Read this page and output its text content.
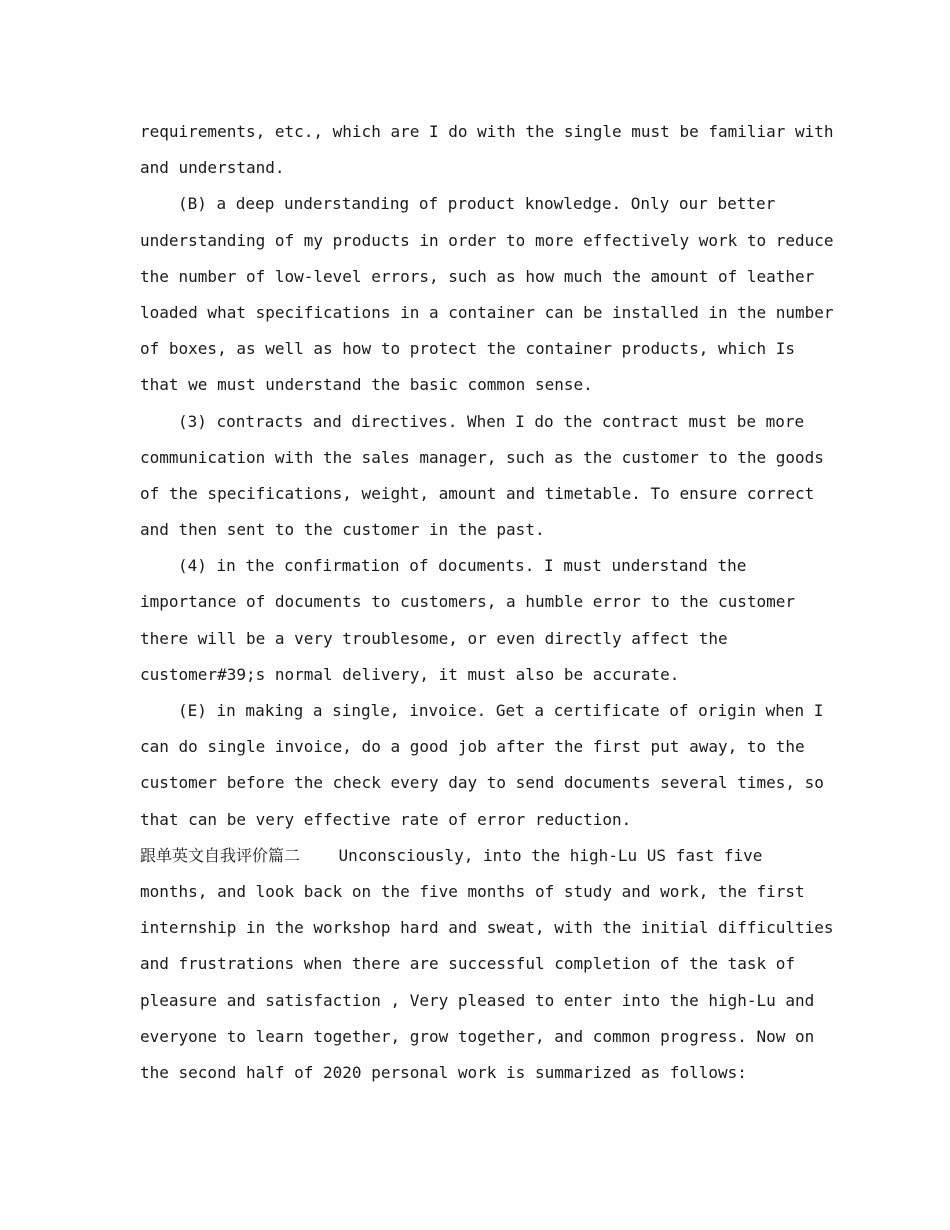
requirements, etc., which are I do with the single must be familiar with
and understand.
(B) a deep understanding of product knowledge. Only our better
understanding of my products in order to more effectively work to reduce
the number of low-level errors, such as how much the amount of leather
loaded what specifications in a container can be installed in the number
of boxes, as well as how to protect the container products, which Is
that we must understand the basic common sense.
(3) contracts and directives. When I do the contract must be more
communication with the sales manager, such as the customer to the goods
of the specifications, weight, amount and timetable. To ensure correct
and then sent to the customer in the past.
(4) in the confirmation of documents. I must understand the
importance of documents to customers, a humble error to the customer
there will be a very troublesome, or even directly affect the
customer#39;s normal delivery, it must also be accurate.
(E) in making a single, invoice. Get a certificate of origin when I
can do single invoice, do a good job after the first put away, to the
customer before the check every day to send documents several times, so
that can be very effective rate of error reduction.
跟单英文自我评价篇二 Unconsciously, into the high-Lu US fast five
months, and look back on the five months of study and work, the first
internship in the workshop hard and sweat, with the initial difficulties
and frustrations when there are successful completion of the task of
pleasure and satisfaction , Very pleased to enter into the high-Lu and
everyone to learn together, grow together, and common progress. Now on
the second half of 2020 personal work is summarized as follows:
